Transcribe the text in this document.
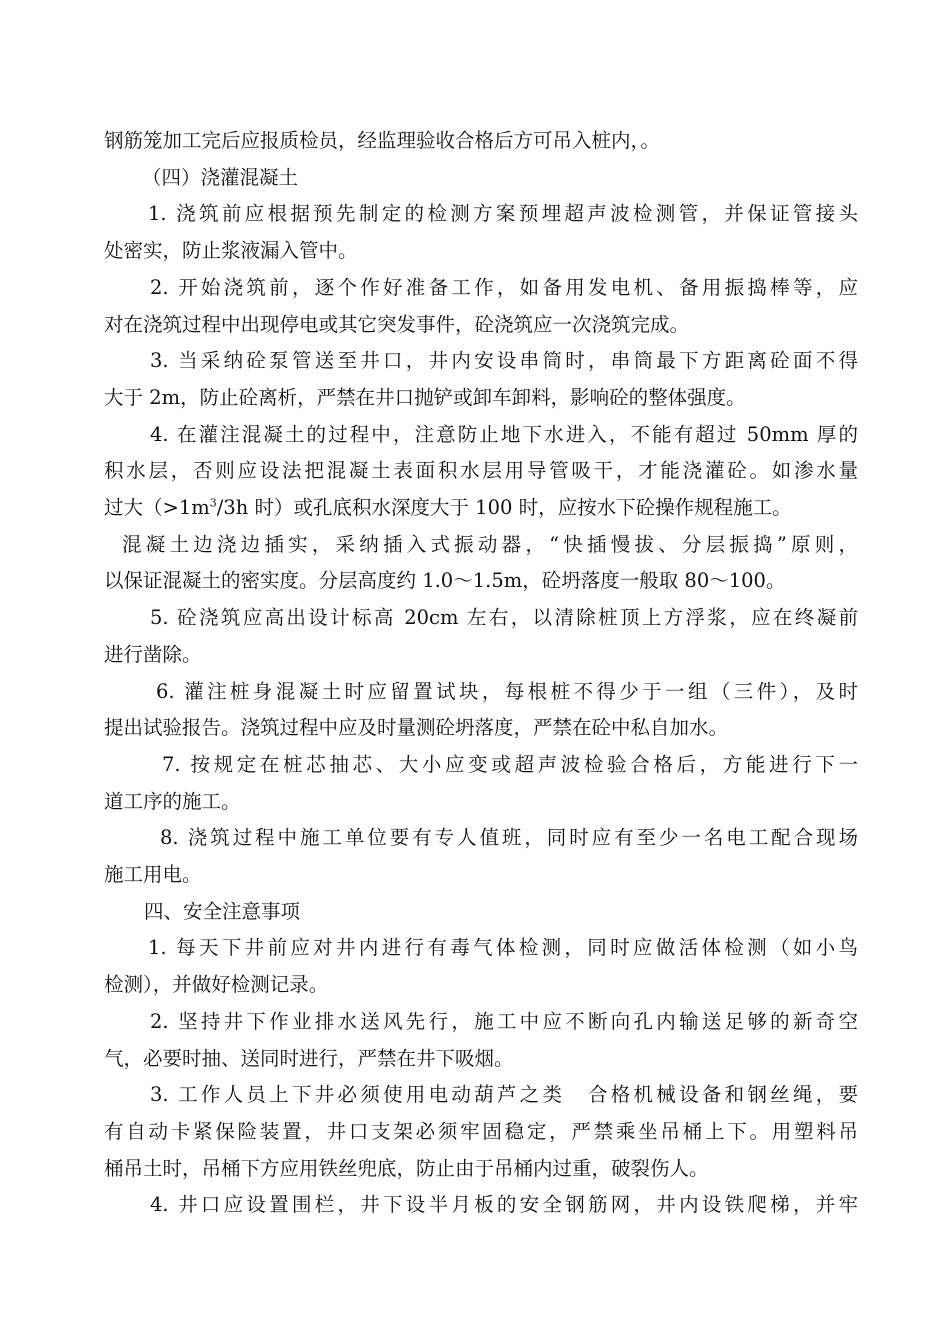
钢筋笼加工完后应报质检员，经监理验收合格后方可吊入桩内，。
（四）浇灌混凝土
1. 浇筑前应根据预先制定的检测方案预埋超声波检测管，并保证管接头
处密实，防止浆液漏入管中。
2. 开始浇筑前，逐个作好准备工作，如备用发电机、备用振捣棒等，应
对在浇筑过程中出现停电或其它突发事件，砼浇筑应一次浇筑完成。
3. 当采纳砼泵管送至井口，井内安设串筒时，串筒最下方距离砼面不得
大于 2m，防止砼离析，严禁在井口抛铲或卸车卸料，影响砼的整体强度。
4. 在灌注混凝土的过程中，注意防止地下水进入，不能有超过 50mm 厚的
积水层，否则应设法把混凝土表面积水层用导管吸干，才能浇灌砼。如渗水量
过大（$>1m^3/3h$ 时）或孔底积水深度大于 100 时，应按水下砼操作规程施工。
混凝土边浇边插实，采纳插入式振动器，“快插慢拔、分层振捣”原则，
以保证混凝土的密实度。分层高度约 1.0～1.5m，砼坍落度一般取 80～100。
5. 砼浇筑应高出设计标高 20cm 左右，以清除桩顶上方浮浆，应在终凝前
进行凿除。
6. 灌注桩身混凝土时应留置试块，每根桩不得少于一组（三件），及时
提出试验报告。浇筑过程中应及时量测砼坍落度，严禁在砼中私自加水。
7. 按规定在桩芯抽芯、大小应变或超声波检验合格后，方能进行下一
道工序的施工。
8. 浇筑过程中施工单位要有专人值班，同时应有至少一名电工配合现场
施工用电。
四、安全注意事项
1. 每天下井前应对井内进行有毒气体检测，同时应做活体检测（如小鸟
检测），并做好检测记录。
2. 坚持井下作业排水送风先行，施工中应不断向孔内输送足够的新奇空
气，必要时抽、送同时进行，严禁在井下吸烟。
3. 工作人员上下井必须使用电动葫芦之类　合格机械设备和钢丝绳，要
有自动卡紧保险装置，井口支架必须牢固稳定，严禁乘坐吊桶上下。用塑料吊
桶吊土时，吊桶下方应用铁丝兜底，防止由于吊桶内过重，破裂伤人。
4. 井口应设置围栏，井下设半月板的安全钢筋网，井内设铁爬梯，并牢
